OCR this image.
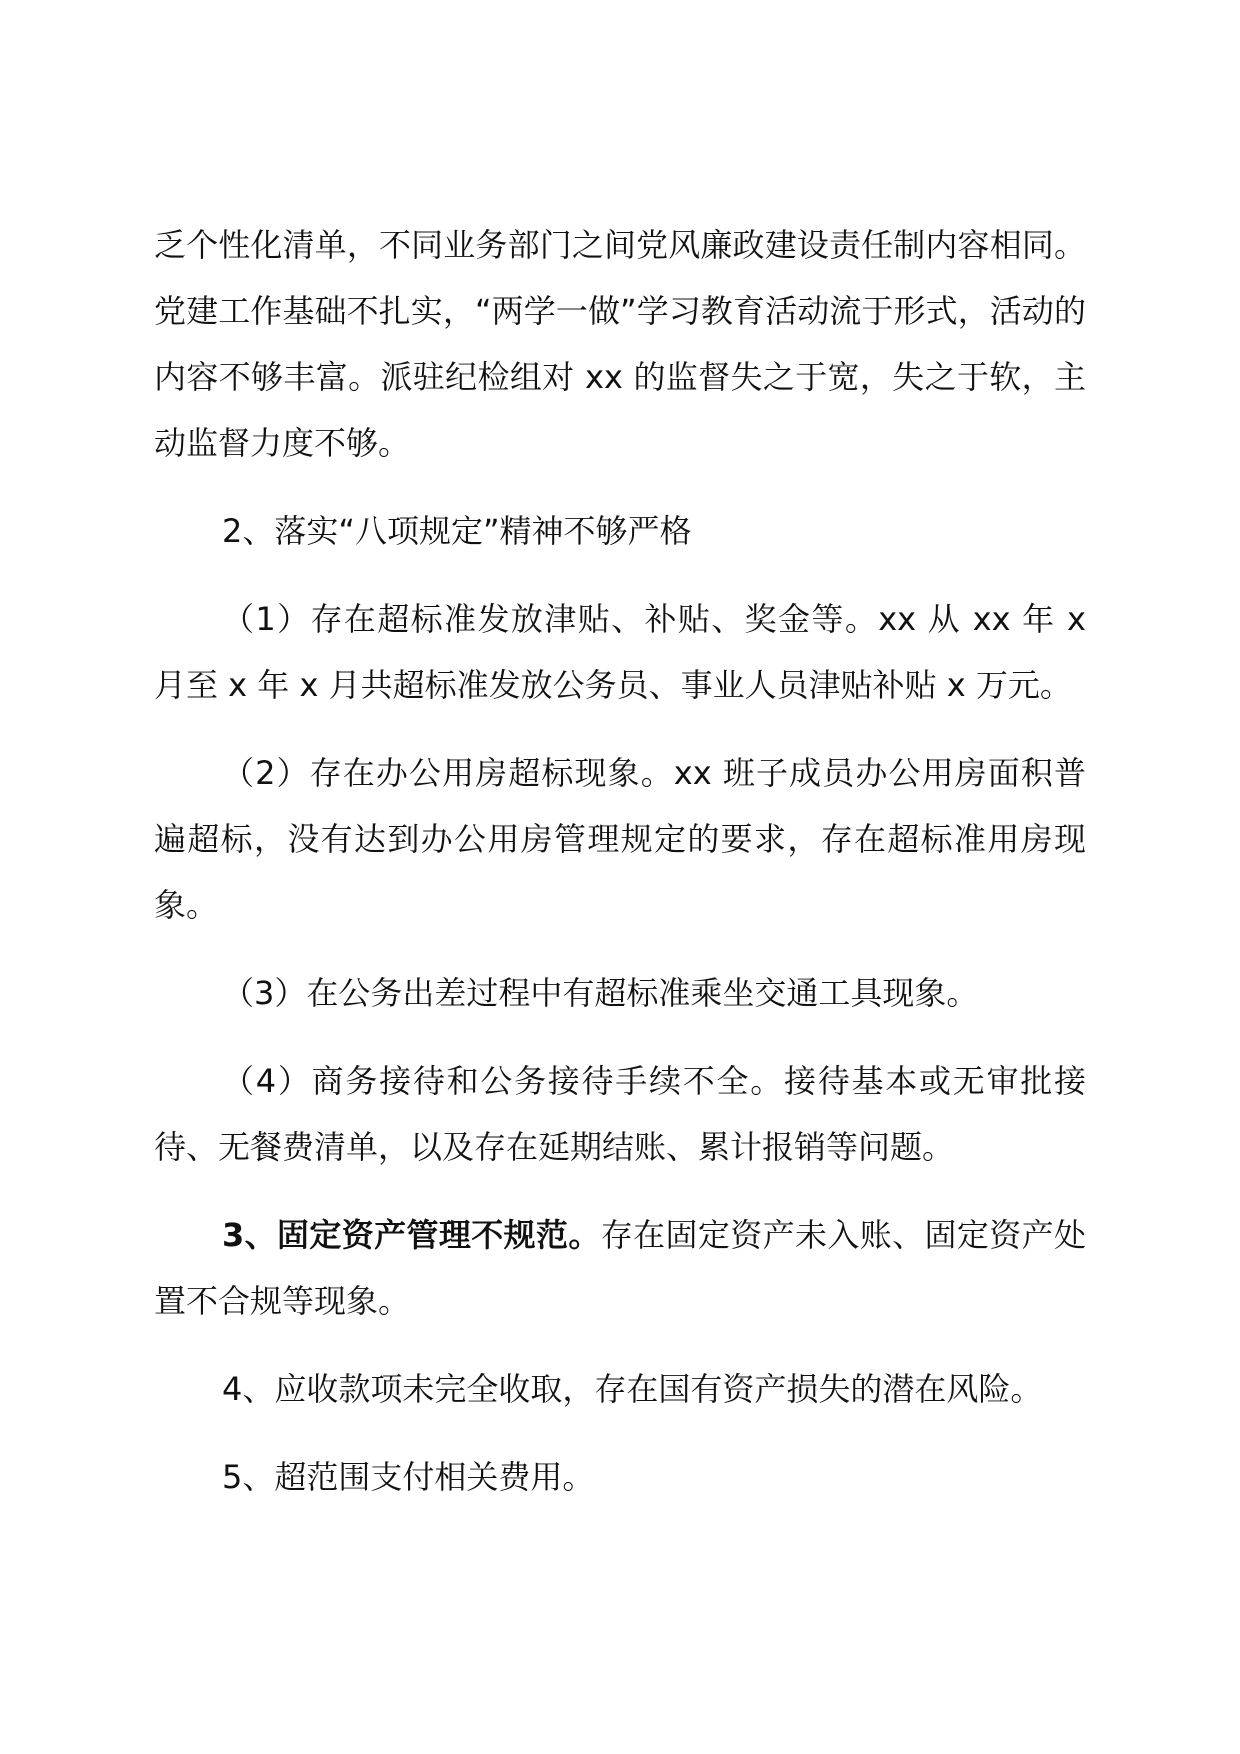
乏个性化清单，不同业务部门之间党风廉政建设责任制内容相同。党建工作基础不扎实，“两学一做”学习教育活动流于形式，活动的内容不够丰富。派驻纪检组对 xx 的监督失之于宽，失之于软，主动监督力度不够。

2、落实“八项规定”精神不够严格

（1）存在超标准发放津贴、补贴、奖金等。xx 从 xx 年 x 月至 x 年 x 月共超标准发放公务员、事业人员津贴补贴 x 万元。

（2）存在办公用房超标现象。xx 班子成员办公用房面积普遍超标，没有达到办公用房管理规定的要求，存在超标准用房现象。

（3）在公务出差过程中有超标准乘坐交通工具现象。

（4）商务接待和公务接待手续不全。接待基本或无审批接待、无餐费清单，以及存在延期结账、累计报销等问题。

3、固定资产管理不规范。存在固定资产未入账、固定资产处置不合规等现象。

4、应收款项未完全收取，存在国有资产损失的潜在风险。

5、超范围支付相关费用。
